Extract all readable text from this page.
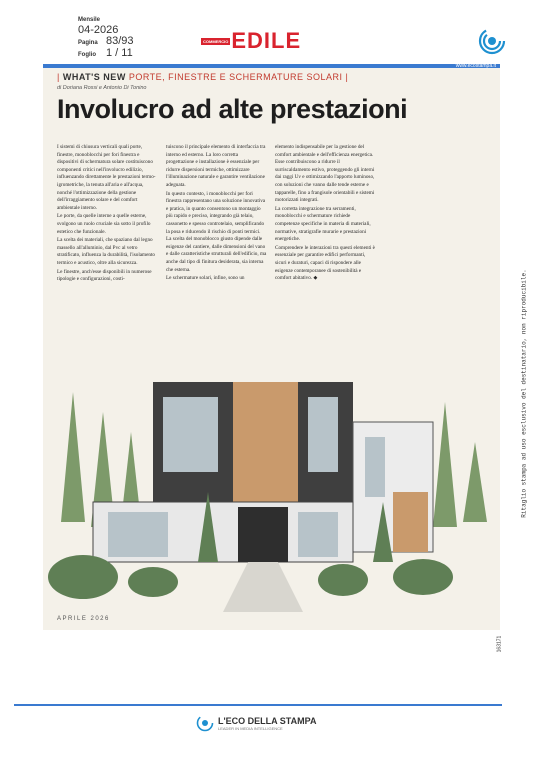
Mensile
04-2026
Pagina 83/93
Foglio 1 / 11
COMMERCIO EDILE
www.ecostampa.it
| WHAT'S NEW PORTE, FINESTRE E SCHERMATURE SOLARI |
di Doriana Rossi e Antonio Di Tonino
Involucro ad alte prestazioni

I sistemi di chiusura verticali quali porte, finestre, monoblocchi per fori finestra e dispositivi di schermatura solare costituiscono componenti critici nell'involucro edilizio, influenzando direttamente le prestazioni termo-igrometriche, la tenuta all'aria e all'acqua, nonché l'ottimizzazione della gestione dell'irraggiamento solare e del comfort ambientale interno.

Le porte, da quelle interne a quelle esterne, svolgono un ruolo cruciale sia sotto il profilo estetico che funzionale.

La scelta dei materiali, che spaziano dal legno massello all'alluminio, dal Pvc al vetro stratificato, influenza la durabilità, l'isolamento termico e acustico, oltre alla sicurezza.

Le finestre, anch'esse disponibili in numerose tipologie e configurazioni, costi-

tuiscono il principale elemento di interfaccia tra interno ed esterno. La loro corretta progettazione e installazione è essenziale per ridurre dispersioni termiche, ottimizzare l'illuminazione naturale e garantire ventilazione adeguata.

In questo contesto, i monoblocchi per fori finestra rappresentano una soluzione innovativa e pratica, in quanto consentono un montaggio più rapido e preciso, integrando già telaio, cassonetto e spesso controtelaio, semplificando la posa e riducendo il rischio di ponti termici. La scelta del monoblocco giusto dipende dalle esigenze del cantiere, dalle dimensioni del vano e dalle caratteristiche strutturali dell'edificio, ma anche dal tipo di finitura desiderata, sia interna che esterna.

Le schermature solari, infine, sono un

elemento indispensabile per la gestione del comfort ambientale e dell'efficienza energetica. Esse contribuiscono a ridurre il surriscaldamento estivo, proteggendo gli interni dai raggi Uv e ottimizzando l'apporto luminoso, con soluzioni che vanno dalle tende esterne e tapparelle, fino a frangisole orientabili e sistemi motorizzati integrati.

La corretta integrazione tra serramenti, monoblocchi e schermature richiede competenze specifiche in materia di materiali, normative, stratigrafie murarie e prestazioni energetiche.

Comprendere le interazioni tra questi elementi è essenziale per garantire edifici performanti, sicuri e duraturi, capaci di rispondere alle esigenze contemporanee di sostenibilità e comfort abitativo. ◆

APRILE 2026
Ritaglio stampa ad uso esclusivo del destinatario, non riproducibile.
163171
L'ECO DELLA STAMPA
LEADER IN MEDIA INTELLIGENCE
